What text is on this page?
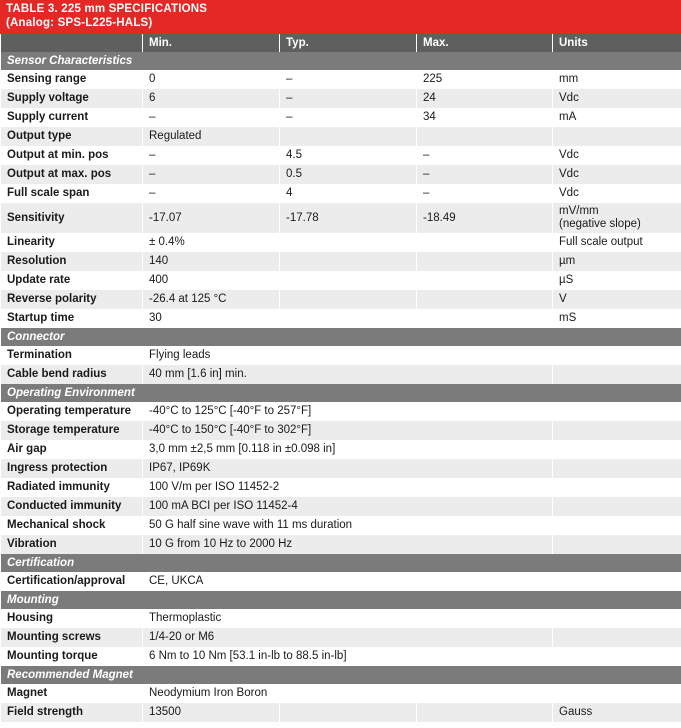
TABLE 3. 225 mm SPECIFICATIONS
(Analog: SPS-L225-HALS)
	Min.	Typ.	Max.	Units
Sensor Characteristics				
Sensing range	0	–	225	mm
Supply voltage	6	–	24	Vdc
Supply current	–	–	34	mA
Output type	Regulated			
Output at min. pos	–	4.5	–	Vdc
Output at max. pos	–	0.5	–	Vdc
Full scale span	–	4	–	Vdc
Sensitivity	-17.07	-17.78	-18.49	mV/mm
(negative slope)

Linearity	± 0.4%			Full scale output
Resolution	140			µm
Update rate	400			µS
Reverse polarity	-26.4 at 125 °C			V
Startup time	30			mS
Connector				
Termination	Flying leads			
Cable bend radius	40 mm [1.6 in] min.			
Operating Environment				
Operating temperature	-40°C to 125°C [-40°F to 257°F]			
Storage temperature	-40°C to 150°C [-40°F to 302°F]			
Air gap	3,0 mm ±2,5 mm [0.118 in ±0.098 in]			
Ingress protection	IP67, IP69K			
Radiated immunity	100 V/m per ISO 11452-2			
Conducted immunity	100 mA BCI per ISO 11452-4			
Mechanical shock	50 G half sine wave with 11 ms duration			
Vibration	10 G from 10 Hz to 2000 Hz			
Certification				
Certification/approval	CE, UKCA			
Mounting				
Housing	Thermoplastic			
Mounting screws	1/4-20 or M6			
Mounting torque	6 Nm to 10 Nm [53.1 in-lb to 88.5 in-lb]			
Recommended Magnet				
Magnet	Neodymium Iron Boron			
Field strength	13500			Gauss
